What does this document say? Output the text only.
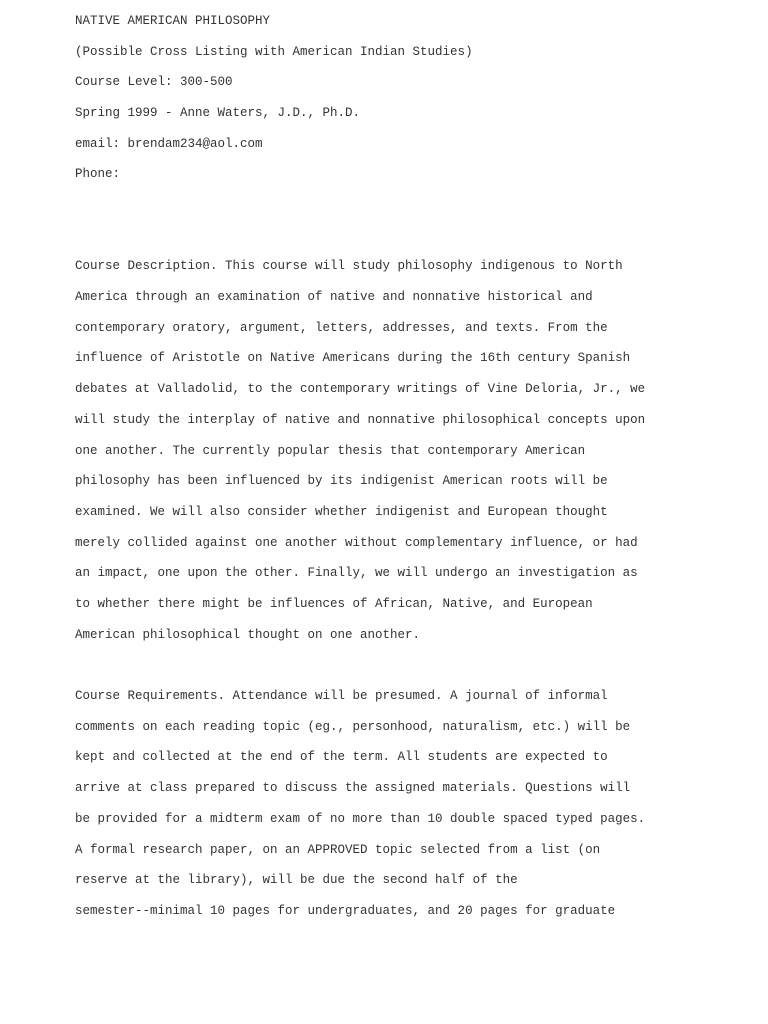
NATIVE AMERICAN PHILOSOPHY
(Possible Cross Listing with American Indian Studies)
Course Level: 300-500
Spring 1999 - Anne Waters, J.D., Ph.D.
email: brendam234@aol.com
Phone:
Course Description. This course will study philosophy indigenous to North
America through an examination of native and nonnative historical and
contemporary oratory, argument, letters, addresses, and texts. From the
influence of Aristotle on Native Americans during the 16th century Spanish
debates at Valladolid, to the contemporary writings of Vine Deloria, Jr., we
will study the interplay of native and nonnative philosophical concepts upon
one another. The currently popular thesis that contemporary American
philosophy has been influenced by its indigenist American roots will be
examined. We will also consider whether indigenist and European thought
merely collided against one another without complementary influence, or had
an impact, one upon the other. Finally, we will undergo an investigation as
to whether there might be influences of African, Native, and European
American philosophical thought on one another.
Course Requirements. Attendance will be presumed. A journal of informal
comments on each reading topic (eg., personhood, naturalism, etc.) will be
kept and collected at the end of the term. All students are expected to
arrive at class prepared to discuss the assigned materials. Questions will
be provided for a midterm exam of no more than 10 double spaced typed pages.
A formal research paper, on an APPROVED topic selected from a list (on
reserve at the library), will be due the second half of the
semester--minimal 10 pages for undergraduates, and 20 pages for graduate
